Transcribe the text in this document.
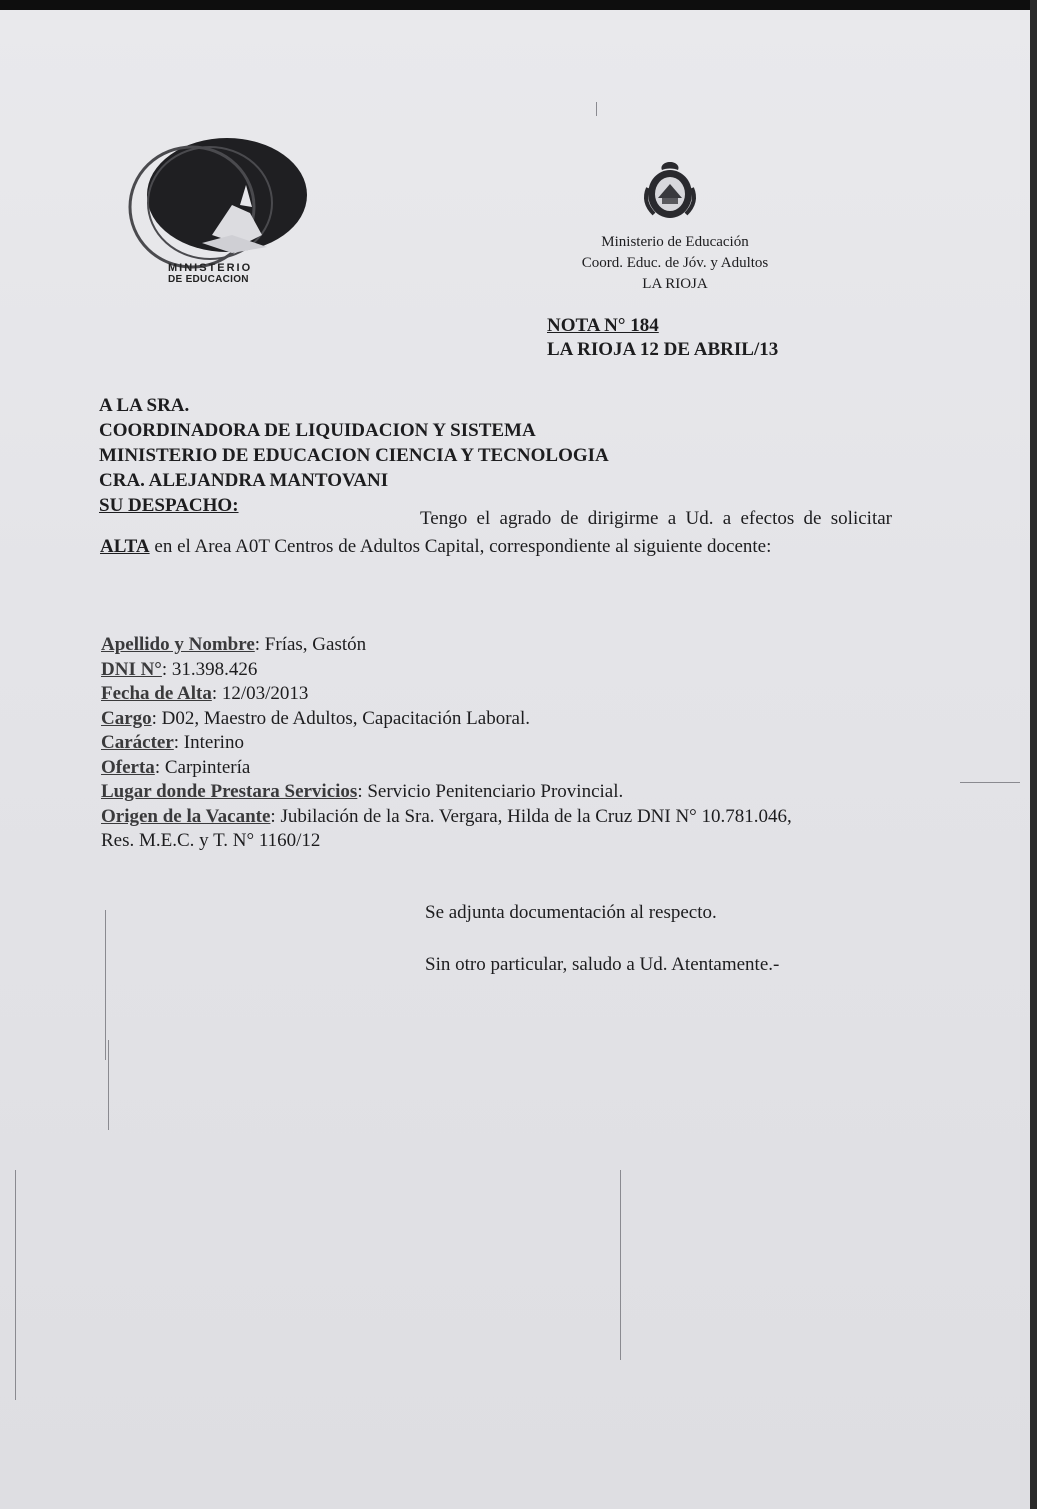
MINISTERIO
DE EDUCACION
Ministerio de Educación
Coord. Educ. de Jóv. y Adultos
LA RIOJA
NOTA N° 184
LA RIOJA 12 DE ABRIL/13
A LA SRA.
COORDINADORA DE LIQUIDACION Y SISTEMA
MINISTERIO DE EDUCACION CIENCIA Y TECNOLOGIA
CRA. ALEJANDRA MANTOVANI
SU DESPACHO:
Tengo el agrado de dirigirme a Ud. a efectos de solicitar ALTA en el Area A0T Centros de Adultos Capital, correspondiente al siguiente docente:
Apellido y Nombre: Frías, Gastón
DNI N°: 31.398.426
Fecha de Alta: 12/03/2013
Cargo: D02, Maestro de Adultos, Capacitación Laboral.
Carácter: Interino
Oferta: Carpintería
Lugar donde Prestara Servicios: Servicio Penitenciario Provincial.
Origen de la Vacante: Jubilación de la Sra. Vergara, Hilda de la Cruz DNI N° 10.781.046,
Res. M.E.C. y T. N° 1160/12
Se adjunta documentación al respecto.
Sin otro particular, saludo a Ud. Atentamente.-
